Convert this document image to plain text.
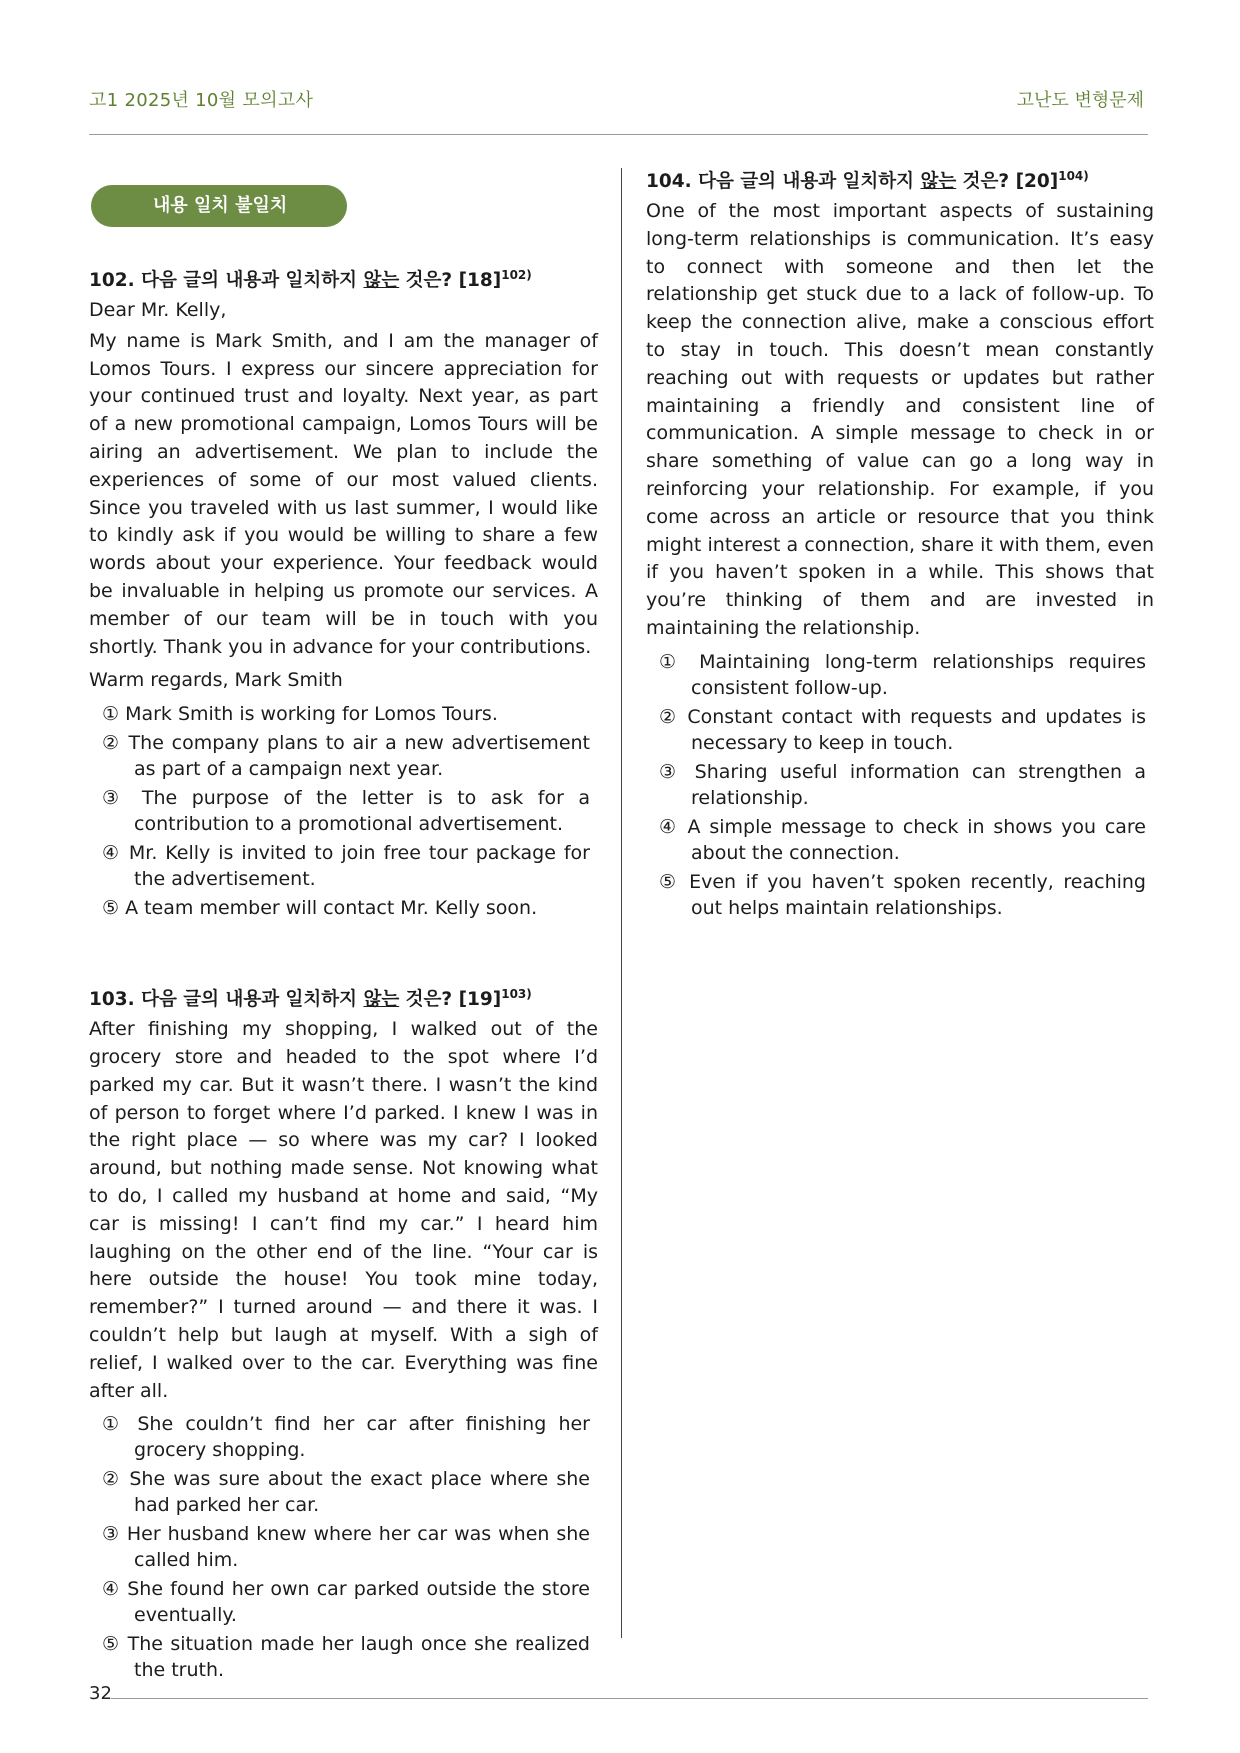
고1 2025년 10월 모의고사	고난도 변형문제
내용 일치 불일치

102. 다음 글의 내용과 일치하지 않는 것은? $[18]^{102)}$

Dear Mr. Kelly,

My name is Mark Smith, and I am the manager of Lomos Tours. I express our sincere appreciation for your continued trust and loyalty. Next year, as part of a new promotional campaign, Lomos Tours will be airing an advertisement. We plan to include the experiences of some of our most valued clients. Since you traveled with us last summer, I would like to kindly ask if you would be willing to share a few words about your experience. Your feedback would be invaluable in helping us promote our services. A member of our team will be in touch with you shortly. Thank you in advance for your contributions.

Warm regards, Mark Smith

① Mark Smith is working for Lomos Tours.
② The company plans to air a new advertisement as part of a campaign next year.
③ The purpose of the letter is to ask for a contribution to a promotional advertisement.
④ Mr. Kelly is invited to join free tour package for the advertisement.
⑤ A team member will contact Mr. Kelly soon.

103. 다음 글의 내용과 일치하지 않는 것은? $[19]^{103)}$

After finishing my shopping, I walked out of the grocery store and headed to the spot where I’d parked my car. But it wasn’t there. I wasn’t the kind of person to forget where I’d parked. I knew I was in the right place — so where was my car? I looked around, but nothing made sense. Not knowing what to do, I called my husband at home and said, “My car is missing! I can’t find my car.” I heard him laughing on the other end of the line. “Your car is here outside the house! You took mine today, remember?” I turned around — and there it was. I couldn’t help but laugh at myself. With a sigh of relief, I walked over to the car. Everything was fine after all.

① She couldn’t find her car after finishing her grocery shopping.
② She was sure about the exact place where she had parked her car.
③ Her husband knew where her car was when she called him.
④ She found her own car parked outside the store eventually.
⑤ The situation made her laugh once she realized the truth.

104. 다음 글의 내용과 일치하지 않는 것은? $[20]^{104)}$

One of the most important aspects of sustaining long‐term relationships is communication. It’s easy to connect with someone and then let the relationship get stuck due to a lack of follow‐up. To keep the connection alive, make a conscious effort to stay in touch. This doesn’t mean constantly reaching out with requests or updates but rather maintaining a friendly and consistent line of communication. A simple message to check in or share something of value can go a long way in reinforcing your relationship. For example, if you come across an article or resource that you think might interest a connection, share it with them, even if you haven’t spoken in a while. This shows that you’re thinking of them and are invested in maintaining the relationship.

① Maintaining long-term relationships requires consistent follow-up.
② Constant contact with requests and updates is necessary to keep in touch.
③ Sharing useful information can strengthen a relationship.
④ A simple message to check in shows you care about the connection.
⑤ Even if you haven’t spoken recently, reaching out helps maintain relationships.
32
